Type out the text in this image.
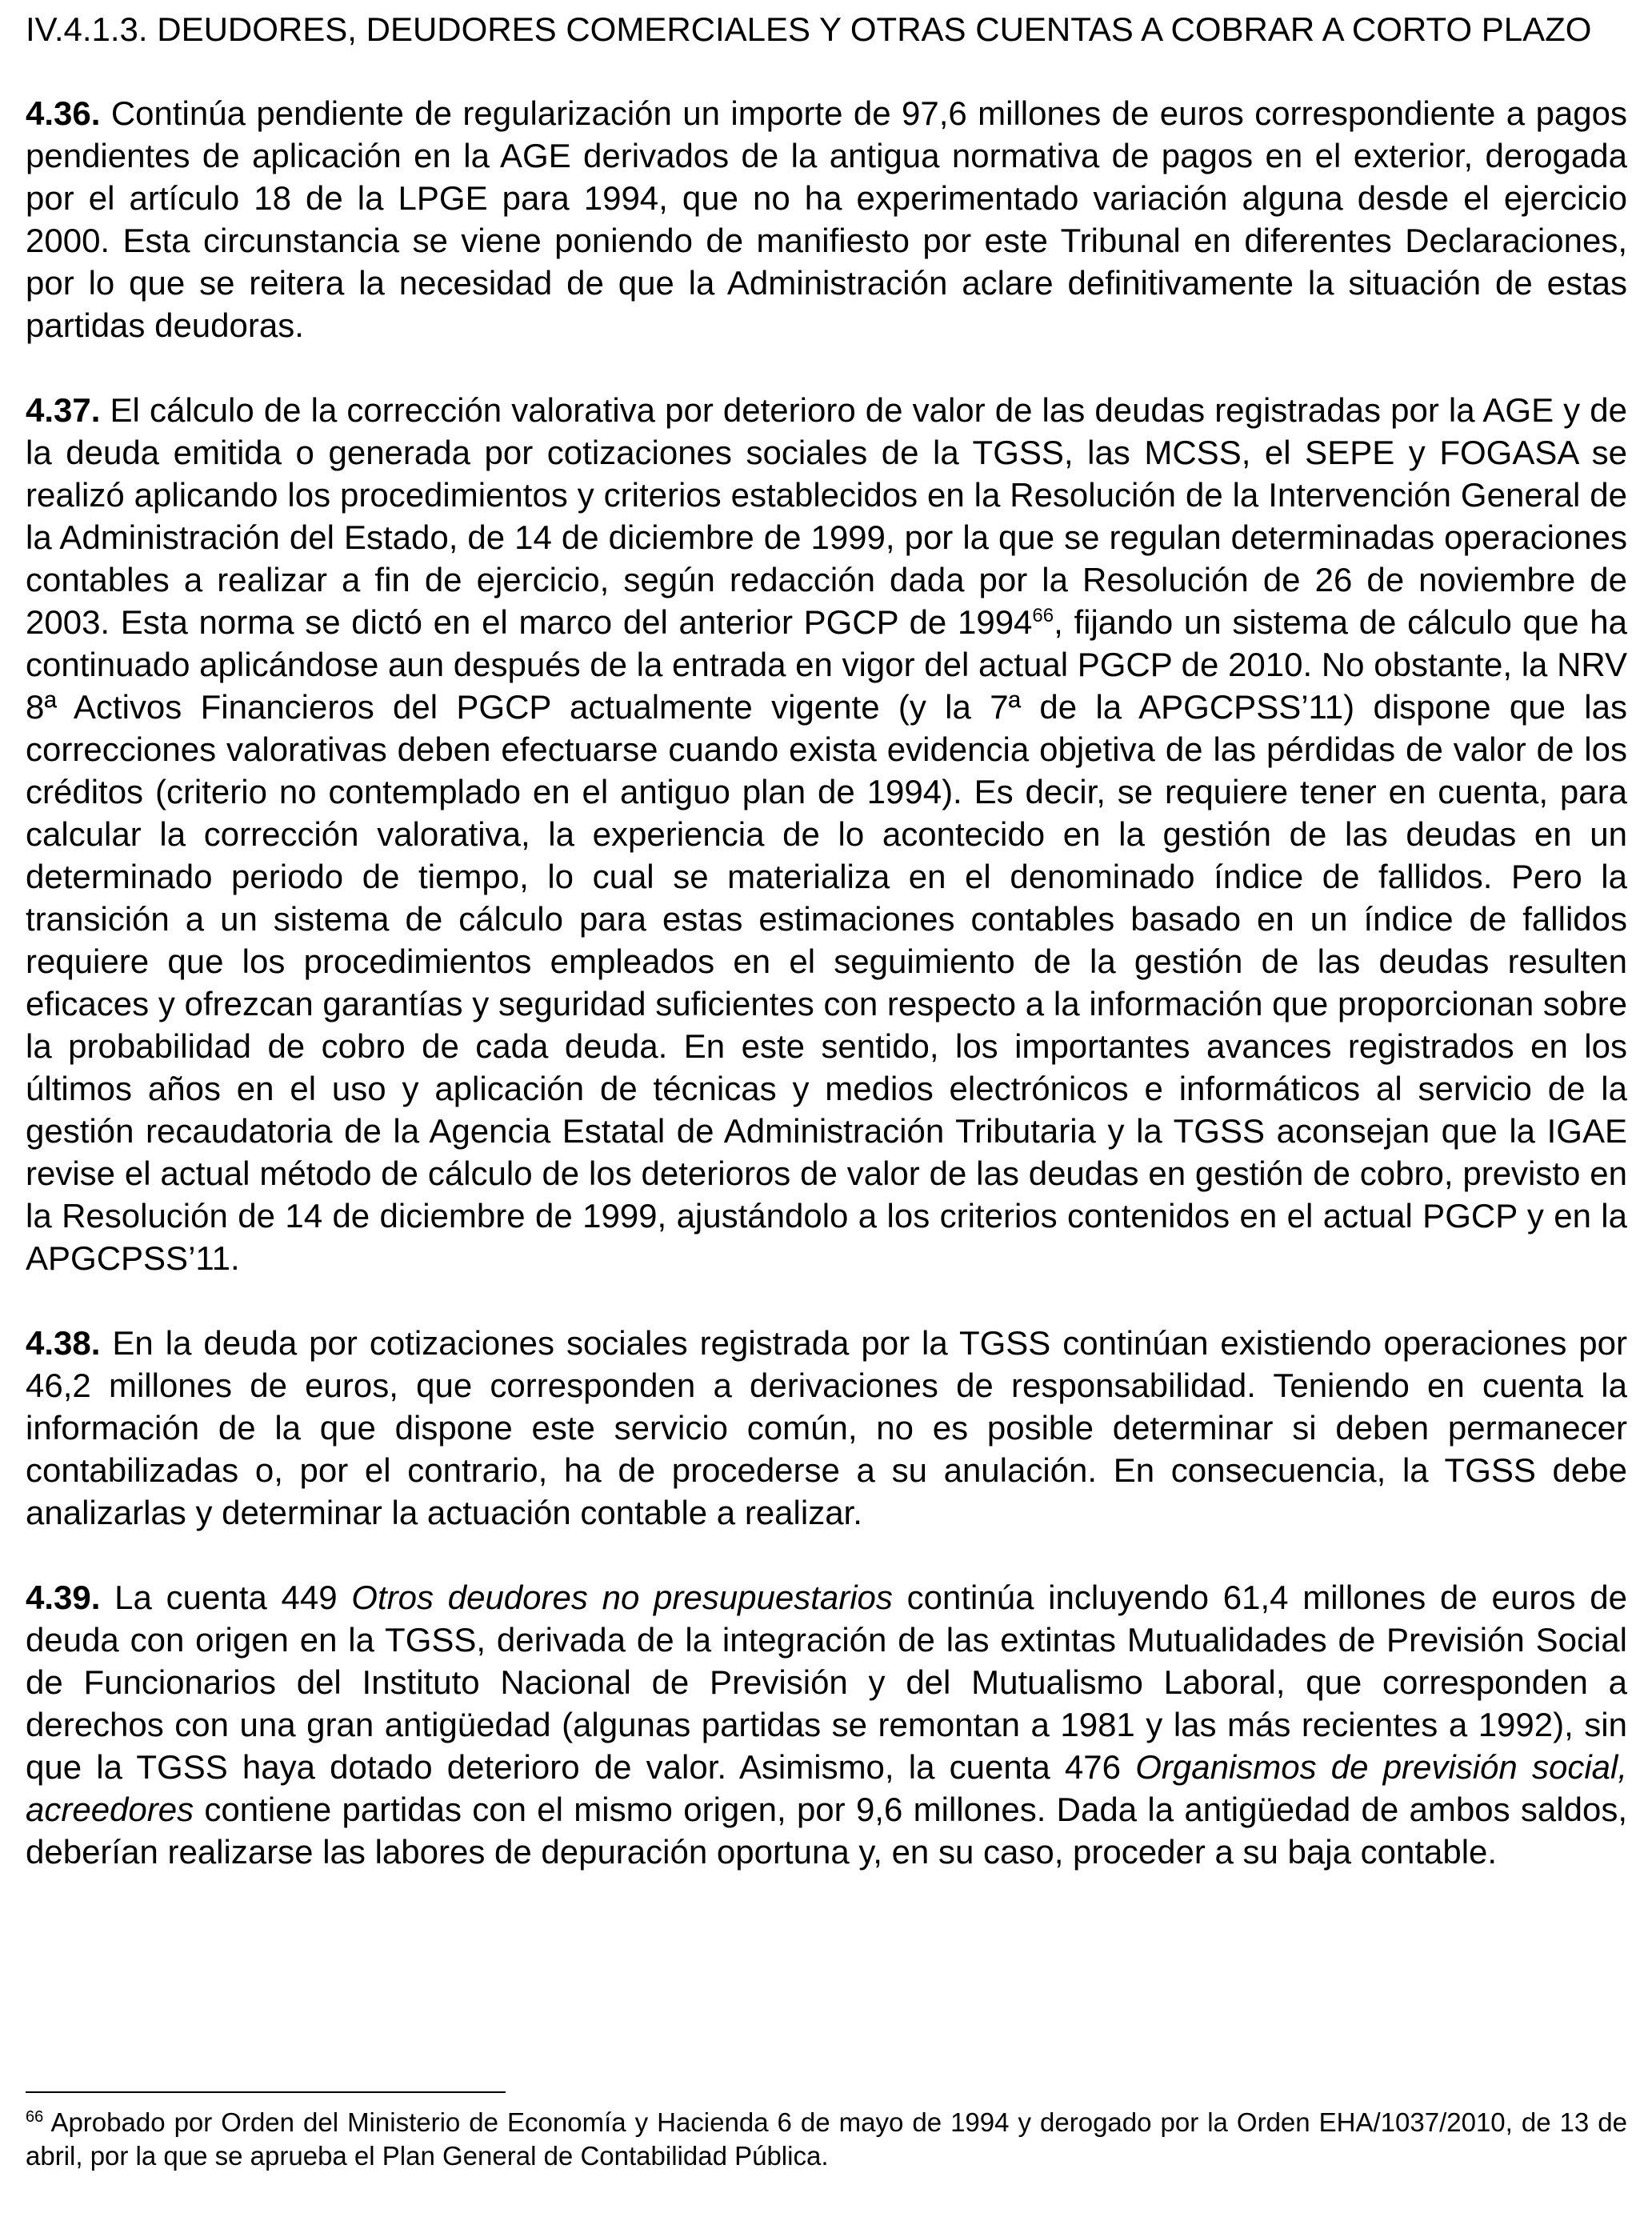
IV.4.1.3. DEUDORES, DEUDORES COMERCIALES Y OTRAS CUENTAS A COBRAR A CORTO PLAZO

4.36. Continúa pendiente de regularización un importe de 97,6 millones de euros correspondiente a pagos pendientes de aplicación en la AGE derivados de la antigua normativa de pagos en el exterior, derogada por el artículo 18 de la LPGE para 1994, que no ha experimentado variación alguna desde el ejercicio 2000. Esta circunstancia se viene poniendo de manifiesto por este Tribunal en diferentes Declaraciones, por lo que se reitera la necesidad de que la Administración aclare definitivamente la situación de estas partidas deudoras.

4.37. El cálculo de la corrección valorativa por deterioro de valor de las deudas registradas por la AGE y de la deuda emitida o generada por cotizaciones sociales de la TGSS, las MCSS, el SEPE y FOGASA se realizó aplicando los procedimientos y criterios establecidos en la Resolución de la Intervención General de la Administración del Estado, de 14 de diciembre de 1999, por la que se regulan determinadas operaciones contables a realizar a fin de ejercicio, según redacción dada por la Resolución de 26 de noviembre de 2003. Esta norma se dictó en el marco del anterior PGCP de 1994$^{66}$, fijando un sistema de cálculo que ha continuado aplicándose aun después de la entrada en vigor del actual PGCP de 2010. No obstante, la NRV 8ª Activos Financieros del PGCP actualmente vigente (y la 7ª de la APGCPSS’11) dispone que las correcciones valorativas deben efectuarse cuando exista evidencia objetiva de las pérdidas de valor de los créditos (criterio no contemplado en el antiguo plan de 1994). Es decir, se requiere tener en cuenta, para calcular la corrección valorativa, la experiencia de lo acontecido en la gestión de las deudas en un determinado periodo de tiempo, lo cual se materializa en el denominado índice de fallidos. Pero la transición a un sistema de cálculo para estas estimaciones contables basado en un índice de fallidos requiere que los procedimientos empleados en el seguimiento de la gestión de las deudas resulten eficaces y ofrezcan garantías y seguridad suficientes con respecto a la información que proporcionan sobre la probabilidad de cobro de cada deuda. En este sentido, los importantes avances registrados en los últimos años en el uso y aplicación de técnicas y medios electrónicos e informáticos al servicio de la gestión recaudatoria de la Agencia Estatal de Administración Tributaria y la TGSS aconsejan que la IGAE revise el actual método de cálculo de los deterioros de valor de las deudas en gestión de cobro, previsto en la Resolución de 14 de diciembre de 1999, ajustándolo a los criterios contenidos en el actual PGCP y en la APGCPSS’11.

4.38. En la deuda por cotizaciones sociales registrada por la TGSS continúan existiendo operaciones por 46,2 millones de euros, que corresponden a derivaciones de responsabilidad. Teniendo en cuenta la información de la que dispone este servicio común, no es posible determinar si deben permanecer contabilizadas o, por el contrario, ha de procederse a su anulación. En consecuencia, la TGSS debe analizarlas y determinar la actuación contable a realizar.

4.39. La cuenta 449 Otros deudores no presupuestarios continúa incluyendo 61,4 millones de euros de deuda con origen en la TGSS, derivada de la integración de las extintas Mutualidades de Previsión Social de Funcionarios del Instituto Nacional de Previsión y del Mutualismo Laboral, que corresponden a derechos con una gran antigüedad (algunas partidas se remontan a 1981 y las más recientes a 1992), sin que la TGSS haya dotado deterioro de valor. Asimismo, la cuenta 476 Organismos de previsión social, acreedores contiene partidas con el mismo origen, por 9,6 millones. Dada la antigüedad de ambos saldos, deberían realizarse las labores de depuración oportuna y, en su caso, proceder a su baja contable.

$^{66}$ Aprobado por Orden del Ministerio de Economía y Hacienda 6 de mayo de 1994 y derogado por la Orden EHA/1037/2010, de 13 de abril, por la que se aprueba el Plan General de Contabilidad Pública.
